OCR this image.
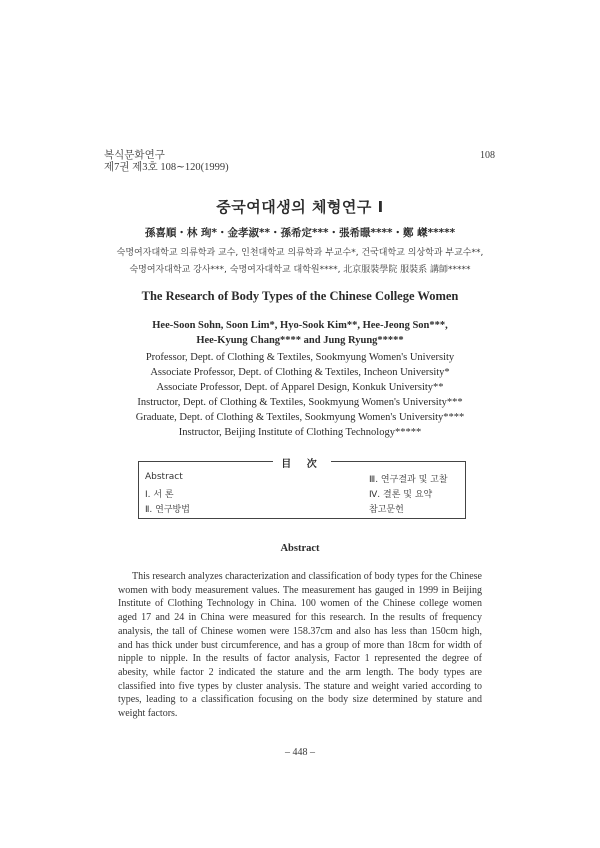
복식문화연구
제7권 제3호 108∼120(1999)
108
중국여대생의 체형연구 Ⅰ
孫喜順・林 珣*・金孝淑**・孫希定***・張希暻****・鄭 嵥*****
숙명여자대학교 의류학과 교수, 인천대학교 의류학과 부교수*, 건국대학교 의상학과 부교수**,
숙명여자대학교 강사***, 숙명여자대학교 대학원****, 北京服裝學院 服裝系 講師*****
The Research of Body Types of the Chinese College Women
Hee-Soon Sohn, Soon Lim*, Hyo-Sook Kim**, Hee-Jeong Son***,
Hee-Kyung Chang**** and Jung Ryung*****
Professor, Dept. of Clothing & Textiles, Sookmyung Women's University
Associate Professor, Dept. of Clothing & Textiles, Incheon University*
Associate Professor, Dept. of Apparel Design, Konkuk University**
Instructor, Dept. of Clothing & Textiles, Sookmyung Women's University***
Graduate, Dept. of Clothing & Textiles, Sookmyung Women's University****
Instructor, Beijing Institute of Clothing Technology*****
目 次
Abstract
Ⅰ. 서 론
Ⅱ. 연구방법
Ⅲ. 연구결과 및 고찰
Ⅳ. 결론 및 요약
참고문헌
Abstract
This research analyzes characterization and classification of body types for the Chinese women with body measurement values. The measurement has gauged in 1999 in Beijing Institute of Clothing Technology in China. 100 women of the Chinese college women aged 17 and 24 in China were measured for this research. In the results of frequency analysis, the tall of Chinese women were 158.37cm and also has less than 150cm high, and has thick under bust circumference, and has a group of more than 18cm for width of nipple to nipple. In the results of factor analysis, Factor 1 represented the degree of abesity, while factor 2 indicated the stature and the arm length. The body types are classified into five types by cluster analysis. The stature and weight varied according to types, leading to a classification focusing on the body size determined by stature and weight factors.
– 448 –
